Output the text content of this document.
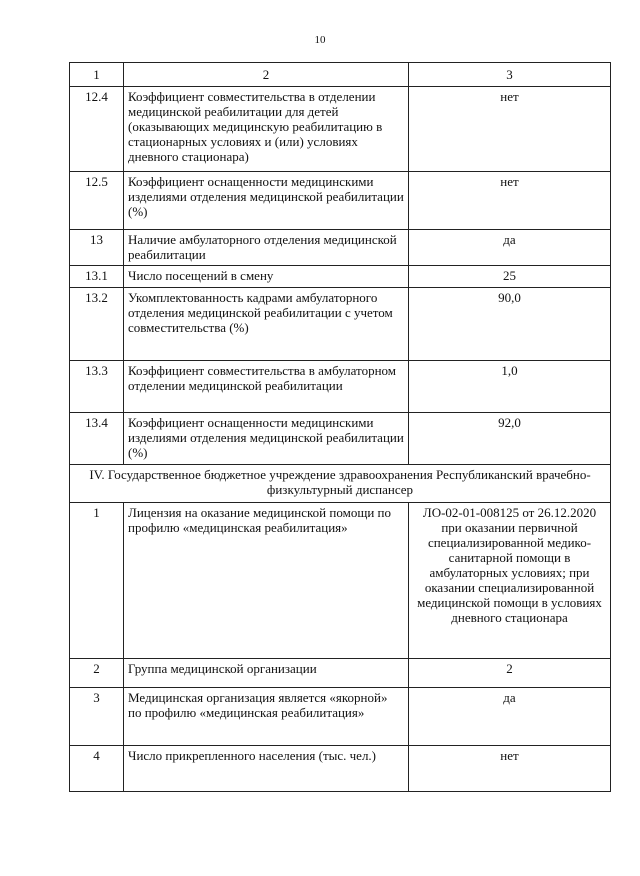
10
1	2	3
12.4	Коэффициент совместительства в отделении медицинской реабилитации для детей (оказывающих медицинскую реабилитацию в стационарных условиях и (или) условиях дневного стационара)	нет
12.5	Коэффициент оснащенности медицинскими изделиями отделения медицинской реабилитации (%)	нет
13	Наличие амбулаторного отделения медицинской реабилитации	да
13.1	Число посещений в смену	25
13.2	Укомплектованность кадрами амбулаторного отделения медицинской реабилитации с учетом совместительства (%)	90,0
13.3	Коэффициент совместительства в амбулаторном отделении медицинской реабилитации	1,0
13.4	Коэффициент оснащенности медицинскими изделиями отделения медицинской реабилитации (%)	92,0
IV. Государственное бюджетное учреждение здравоохранения Республиканский врачебно-физкультурный диспансер		
1	Лицензия на оказание медицинской помощи по профилю «медицинская реабилитация»	ЛО-02-01-008125 от 26.12.2020 при оказании первичной специализированной медико-санитарной помощи в амбулаторных условиях; при оказании специализированной медицинской помощи в условиях дневного стационара
2	Группа медицинской организации	2
3	Медицинская организация является «якорной» по профилю «медицинская реабилитация»	да
4	Число прикрепленного населения (тыс. чел.)	нет
